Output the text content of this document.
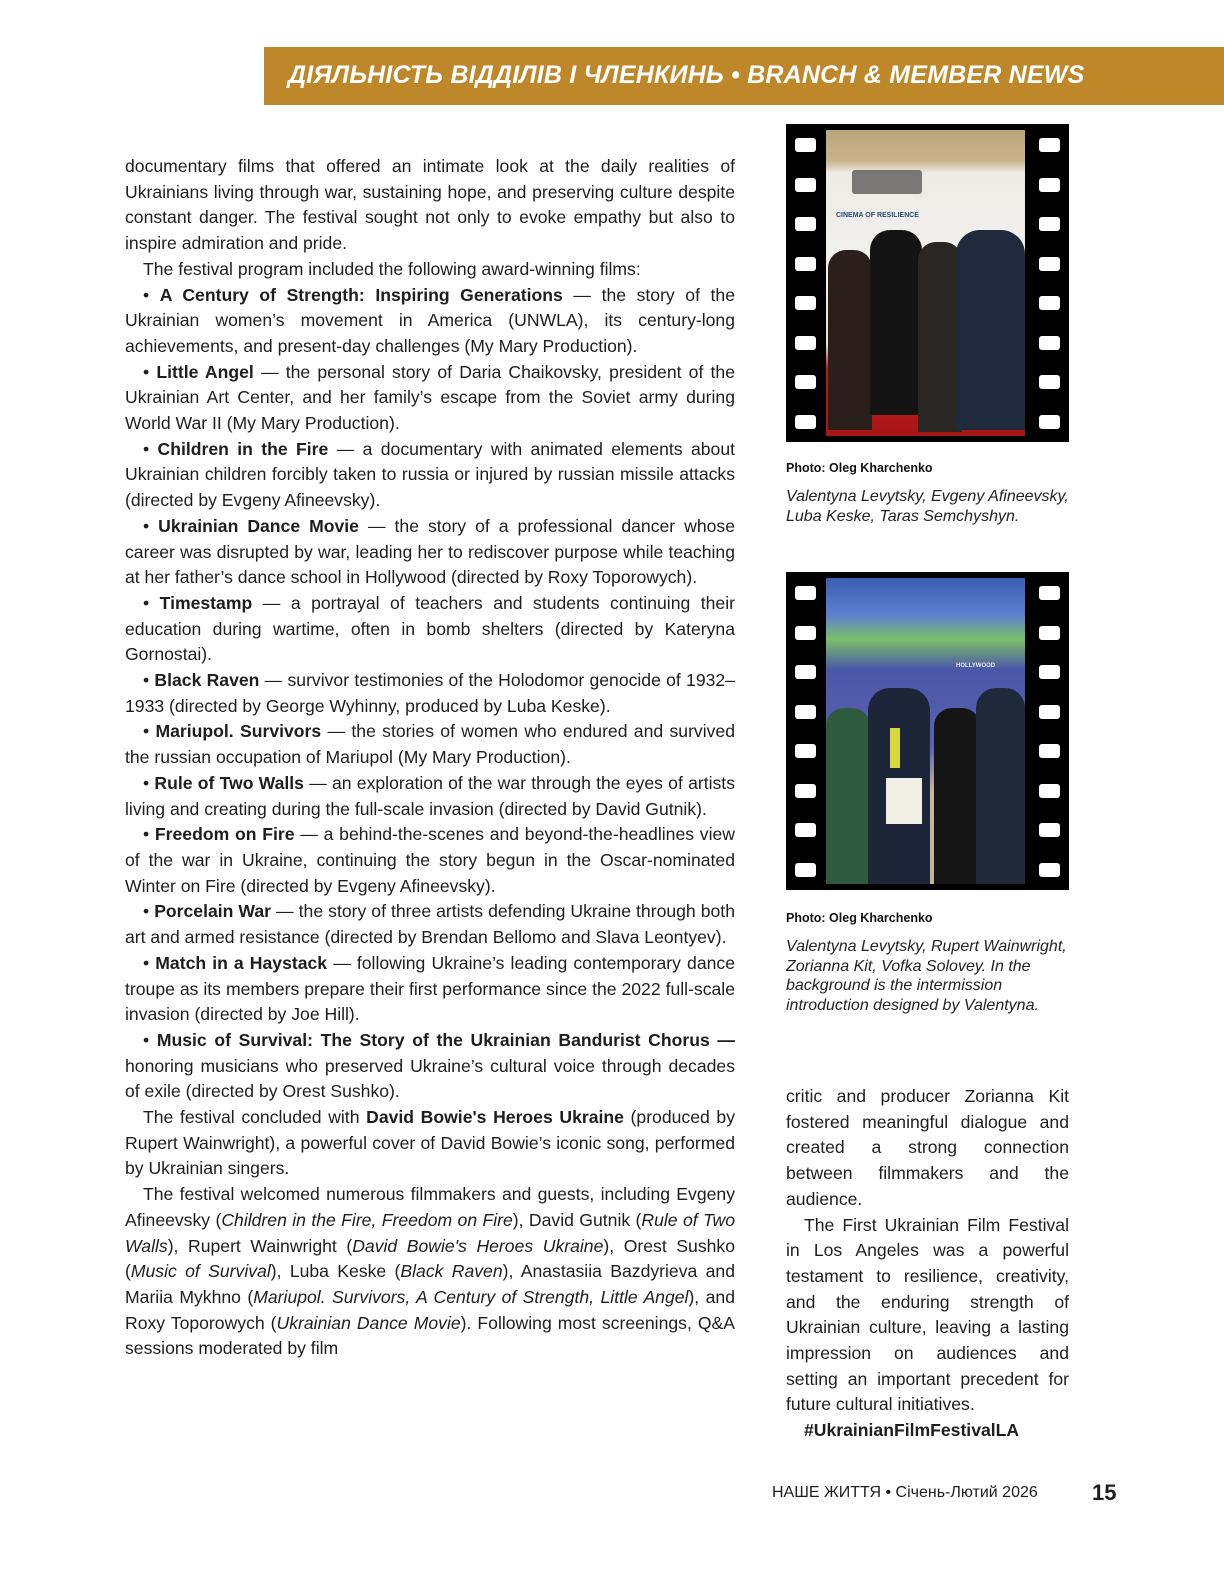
ДІЯЛЬНІСТЬ ВІДДІЛІВ І ЧЛЕНКИНЬ • BRANCH & MEMBER NEWS

documentary films that offered an intimate look at the daily realities of Ukrainians living through war, sustaining hope, and preserving culture despite constant danger. The festival sought not only to evoke empathy but also to inspire admiration and pride.

The festival program included the following award-winning films:

• A Century of Strength: Inspiring Generations — the story of the Ukrainian women’s movement in America (UNWLA), its century-long achievements, and present-day challenges (My Mary Production).

• Little Angel — the personal story of Daria Chaikovsky, president of the Ukrainian Art Center, and her family’s escape from the Soviet army during World War II (My Mary Production).

• Children in the Fire — a documentary with animated elements about Ukrainian children forcibly taken to russia or injured by russian missile attacks (directed by Evgeny Afineevsky).

• Ukrainian Dance Movie — the story of a professional dancer whose career was disrupted by war, leading her to rediscover purpose while teaching at her father’s dance school in Hollywood (directed by Roxy Toporowych).

• Timestamp — a portrayal of teachers and students continuing their education during wartime, often in bomb shelters (directed by Kateryna Gornostai).

• Black Raven — survivor testimonies of the Holodomor genocide of 1932–1933 (directed by George Wyhinny, produced by Luba Keske).

• Mariupol. Survivors — the stories of women who endured and survived the russian occupation of Mariupol (My Mary Production).

• Rule of Two Walls — an exploration of the war through the eyes of artists living and creating during the full-scale invasion (directed by David Gutnik).

• Freedom on Fire — a behind-the-scenes and beyond-the-headlines view of the war in Ukraine, continuing the story begun in the Oscar-nominated Winter on Fire (directed by Evgeny Afineevsky).

• Porcelain War — the story of three artists defending Ukraine through both art and armed resistance (directed by Brendan Bellomo and Slava Leontyev).

• Match in a Haystack — following Ukraine’s leading contemporary dance troupe as its members prepare their first performance since the 2022 full-scale invasion (directed by Joe Hill).

• Music of Survival: The Story of the Ukrainian Bandurist Chorus — honoring musicians who preserved Ukraine’s cultural voice through decades of exile (directed by Orest Sushko).

The festival concluded with David Bowie's Heroes Ukraine (produced by Rupert Wainwright), a powerful cover of David Bowie’s iconic song, performed by Ukrainian singers.

The festival welcomed numerous filmmakers and guests, including Evgeny Afineevsky (Children in the Fire, Freedom on Fire), David Gutnik (Rule of Two Walls), Rupert Wainwright (David Bowie's Heroes Ukraine), Orest Sushko (Music of Survival), Luba Keske (Black Raven), Anastasiia Bazdyrieva and Mariia Mykhno (Mariupol. Survivors, A Century of Strength, Little Angel), and Roxy Toporowych (Ukrainian Dance Movie). Following most screenings, Q&A sessions moderated by film

CINEMA OF RESILIENCE
Photo: Oleg Kharchenko
Valentyna Levytsky, Evgeny Afineevsky, Luba Keske, Taras Semchyshyn.
HOLLYWOOD
Photo: Oleg Kharchenko
Valentyna Levytsky, Rupert Wainwright, Zorianna Kit, Vofka Solovey. In the background is the intermission introduction designed by Valentyna.

critic and producer Zorianna Kit fostered meaningful dialogue and created a strong connection between filmmakers and the audience.

The First Ukrainian Film Festival in Los Angeles was a powerful testament to resilience, creativity, and the enduring strength of Ukrainian culture, leaving a lasting impression on audiences and setting an important precedent for future cultural initiatives.

#UkrainianFilmFestivalLA

НАШЕ ЖИТТЯ • Січень-Лютий 2026 15
